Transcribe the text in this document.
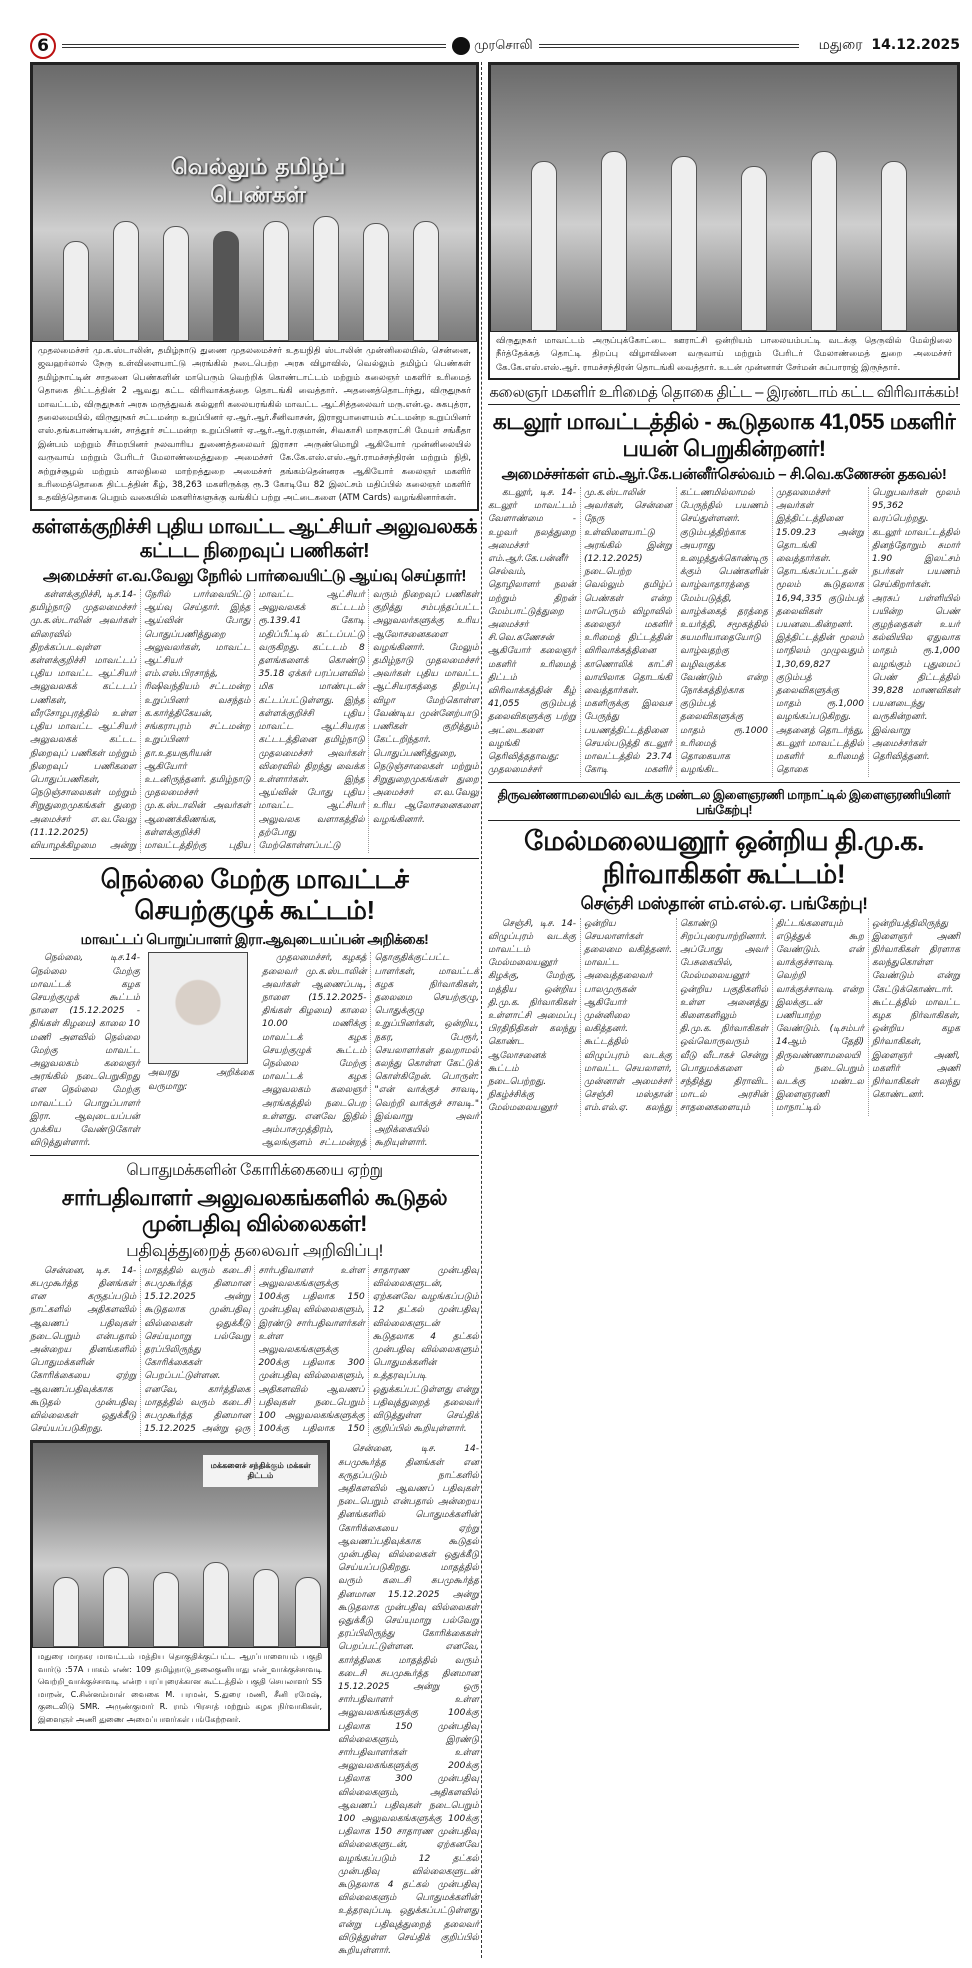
6	முரசொலி	மதுரை 14.12.2025
வெல்லும் தமிழ்ப் பெண்கள்
முதலமைச்சர் மு.க.ஸ்டாலின், தமிழ்நாடு துணை முதலமைச்சர் உதயநிதி ஸ்டாலின் முன்னிலையில், சென்னை, ஜவஹர்லால் நேரு உள்விளையாட்டு அரங்கில் நடைபெற்ற அரசு விழாவில், வெல்லும் தமிழ்ப் பெண்கள் தமிழ்நாட்டின் சாதனை பெண்களின் மாபெரும் வெற்றிக் கொண்டாட்டம் மற்றும் கலைஞர் மகளிர் உரிமைத் தொகை திட்டத்தின் 2 ஆவது கட்ட விரிவாக்கத்தை தொடங்கி வைத்தார். அதனைத்தொடர்ந்து, விருதுநகர் மாவட்டம், விருதுநகர் அரசு மருத்துவக் கல்லூரி கலையரங்கில் மாவட்ட ஆட்சித்தலைவர் மரு.என்.ஓ. சுகபுத்ரா, தலைமையில், விருதுநகர் சட்டமன்ற உறுப்பினர் ஏ.ஆர்.ஆர்.சீனிவாசன், இராஜபாளையம் சட்டமன்ற உறுப்பினர் எஸ்.தங்கபாண்டியன், சாத்தூர் சட்டமன்ற உறுப்பினர் ஏ.ஆர்.ஆர்.ரகுமான், சிவகாசி மாநகராட்சி மேயர் சங்கீதா இன்பம் மற்றும் சீர்மரபினர் நலவாரிய துணைத்தலைவர் இராசா அருண்மொழி ஆகியோர் முன்னிலையில் வருவாய் மற்றும் பேரிடர் மேலாண்மைத்துறை அமைச்சர் கே.கே.எஸ்.எஸ்.ஆர்.ராமச்சந்திரன் மற்றும் நிதி, சுற்றுச்சூழல் மற்றும் காலநிலை மாற்றத்துறை அமைச்சர் தங்கம்தென்னரசு ஆகியோர் கலைஞர் மகளிர் உரிமைத்தொகை திட்டத்தின் கீழ், 38,263 மகளிருக்கு ரூ.3 கோடியே 82 இலட்சம் மதிப்பில் கலைஞர் மகளிர் உதவித்தொகை பெறும் வகையில் மகளிர்களுக்கு வங்கிப் பற்று அட்டைகளை (ATM Cards) வழங்கினார்கள்.
கள்ளக்குறிச்சி புதிய மாவட்ட ஆட்சியர் அலுவலகக் கட்டட நிறைவுப் பணிகள்!
அமைச்சர் எ.வ.வேலு நேரில் பார்வையிட்டு ஆய்வு செய்தார்!

கள்ளக்குறிச்சி, டிச.14- தமிழ்நாடு முதலமைச்சர் மு.க.ஸ்டாலின் அவர்கள் விரைவில் திறக்கப்படவுள்ள கள்ளக்குறிச்சி மாவட்டப் புதிய மாவட்ட ஆட்சியர் அலுவலகக் கட்டடப் பணிகள், வீரசோழபுரத்தில் உள்ள புதிய மாவட்ட ஆட்சியர் அலுவலகக் கட்டட நிறைவுப் பணிகள் மற்றும் நிறைவுப் பணிகளை பொதுப்பணிகள், நெடுஞ்சாலைகள் மற்றும் சிறுதுறைமுகங்கள் துறை அமைச்சர் எ.வ.வேலு (11.12.2025) வியாழக்கிழமை அன்று நேரில் பார்வையிட்டு ஆய்வு செய்தார். இந்த ஆய்வின் போது பொதுப்பணித்துறை அலுவலர்கள், மாவட்ட ஆட்சியர் எம்.எஸ்.பிரசாந்த், ரிஷிவந்தியம் சட்டமன்ற உறுப்பினர் வசந்தம் க.கார்த்திகேயன், சங்கராபுரம் சட்டமன்ற உறுப்பினர் தா.உதயசூரியன் ஆகியோர் உடனிருந்தனர். தமிழ்நாடு முதலமைச்சர் மு.க.ஸ்டாலின் அவர்கள் ஆணைக்கிணங்க, கள்ளக்குறிச்சி மாவட்டத்திற்கு புதிய மாவட்ட ஆட்சியர் அலுவலகக் கட்டடம் ரூ.139.41 கோடி மதிப்பீட்டில் கட்டப்பட்டு வருகிறது. கட்டடம் 8 தளங்களைக் கொண்டு 35.18 ஏக்கர் பரப்பளவில் மிக மாண்புடன் கட்டப்பட்டுள்ளது. இந்த கள்ளக்குறிச்சி புதிய மாவட்ட ஆட்சியரக கட்டடத்தினை தமிழ்நாடு முதலமைச்சர் அவர்கள் விரைவில் திறந்து வைக்க உள்ளார்கள். இந்த ஆய்வின் போது புதிய மாவட்ட ஆட்சியர் அலுவலக வளாகத்தில் தற்போது மேற்கொள்ளப்பட்டு வரும் நிறைவுப் பணிகள் குறித்து சம்பந்தப்பட்ட அலுவலர்களுக்கு உரிய ஆலோசனைகளை வழங்கினார். மேலும் தமிழ்நாடு முதலமைச்சர் அவர்கள் புதிய மாவட்ட ஆட்சியரகத்தை திறப்பு விழா மேற்கொள்ள வேண்டிய முன்னேற்பாடு பணிகள் குறித்தும் கேட்டறிந்தார். பொதுப்பணித்துறை, நெடுஞ்சாலைகள் மற்றும் சிறுதுறைமுகங்கள் துறை அமைச்சர் எ.வ.வேலு உரிய ஆலோசனைகளை வழங்கினார்.

நெல்லை மேற்கு மாவட்டச் செயற்குழுக் கூட்டம்!
மாவட்டப் பொறுப்பாளர் இரா.ஆவுடையப்பன் அறிக்கை!

நெல்லை, டிச.14- நெல்லை மேற்கு மாவட்டக் கழக செயற்குழுக் கூட்டம் நாளை (15.12.2025 - திங்கள் கிழமை) காலை 10 மணி அளவில் நெல்லை மேற்கு மாவட்ட அலுவலகம் கலைஞர் அரங்கில் நடைபெறுகிறது என நெல்லை மேற்கு மாவட்டப் பொறுப்பாளர் இரா. ஆவுடையப்பன் முக்கிய வேண்டுகோள் விடுத்துள்ளார்.

அவரது அறிக்கை வருமாறு:

முதலமைச்சர், கழகத் தலைவர் மு.க.ஸ்டாலின் அவர்கள் ஆணைப்படி, நாளை (15.12.2025- திங்கள் கிழமை) காலை 10.00 மணிக்கு மாவட்டக் கழக செயற்குழுக் கூட்டம் நெல்லை மேற்கு மாவட்டக் கழக அலுவலகம் கலைஞர் அரங்கத்தில் நடைபெற உள்ளது. எனவே இதில் அம்பாசமுத்திரம், ஆலங்குளம் சட்டமன்றத் தொகுதிக்குட்பட்ட பாளர்கள், மாவட்டக் கழக நிர்வாகிகள், தலைமை செயற்குழு, பொதுக்குழு உறுப்பினர்கள், ஒன்றிய, நகர, பேரூர், செயலாளர்கள் தவறாமல் கலந்து கொள்ள கேட்டுக் கொள்கிறேன். பொருள்: "என் வாக்குச் சாவடி, வெற்றி வாக்குச் சாவடி." இவ்வாறு அவர் அறிக்கையில் கூறியுள்ளார்.

பொதுமக்களின் கோரிக்கையை ஏற்று
சார்பதிவாளர் அலுவலகங்களில் கூடுதல் முன்பதிவு வில்லைகள்!
பதிவுத்துறைத் தலைவர் அறிவிப்பு!

சென்னை, டிச. 14- சுபமுகூர்த்த தினங்கள் என கருதப்படும் நாட்களில் அதிகளவில் ஆவணப் பதிவுகள் நடைபெறும் என்பதால் அன்றைய தினங்களில் பொதுமக்களின் கோரிக்கையை ஏற்று ஆவணப்பதிவுக்காக கூடுதல் முன்பதிவு வில்லைகள் ஒதுக்கீடு செய்யப்படுகிறது. மாதத்தில் வரும் கடைசி சுபமுகூர்த்த தினமான 15.12.2025 அன்று கூடுதலாக முன்பதிவு வில்லைகள் ஒதுக்கீடு செய்யுமாறு பல்வேறு தரப்பிலிருந்து கோரிக்கைகள் பெறப்பட்டுள்ளன. எனவே, கார்த்திகை மாதத்தில் வரும் கடைசி சுபமுகூர்த்த தினமான 15.12.2025 அன்று ஒரு சார்பதிவாளர் உள்ள அலுவலகங்களுக்கு 100க்கு பதிலாக 150 முன்பதிவு வில்லைகளும், இரண்டு சார்பதிவாளர்கள் உள்ள அலுவலகங்களுக்கு 200க்கு பதிலாக 300 முன்பதிவு வில்லைகளும், அதிகளவில் ஆவணப் பதிவுகள் நடைபெறும் 100 அலுவலகங்களுக்கு 100க்கு பதிலாக 150 சாதாரண முன்பதிவு வில்லைகளுடன், ஏற்கனவே வழங்கப்படும் 12 தட்கல் முன்பதிவு வில்லைகளுடன் கூடுதலாக 4 தட்கல் முன்பதிவு வில்லைகளும் பொதுமக்களின் உத்தரவுப்படி ஒதுக்கப்பட்டுள்ளது என்று பதிவுத்துறைத் தலைவர் விடுத்துள்ள செய்திக் குறிப்பில் கூறியுள்ளார்.

மக்களைச் சந்திக்கும் மக்கள் திட்டம்
மதுரை மாநகர மாவட்டம் மத்திய தொகுதிக்குட்பட்ட ஆரப்பாளையம் பகுதி வார்டு :57A பாகம் எண்: 109 தமிழ்நாடு_தலைகுனியாது என்_வாக்குச்சாவடி வெற்றி_வாக்குச்சாவடி என்ற பரப்புரைக்கான கூட்டத்தில் பகுதி செயலாளர் SS மாறன், C.சின்னம்மாள் வைகை M. பரமன், S.துரை மணி, சீனி ரமேஷ், குடைலிடு SMR. அருண்குமார் R. ராம் பிரசாத் மற்றும் கழக நிர்வாகிகள், இளைஞர் அணி துணை அமைப்பாளர்கள் பங்கேற்றனர்.

சென்னை, டிச. 14- சுபமுகூர்த்த தினங்கள் என கருதப்படும் நாட்களில் அதிகளவில் ஆவணப் பதிவுகள் நடைபெறும் என்பதால் அன்றைய தினங்களில் பொதுமக்களின் கோரிக்கையை ஏற்று ஆவணப்பதிவுக்காக கூடுதல் முன்பதிவு வில்லைகள் ஒதுக்கீடு செய்யப்படுகிறது. மாதத்தில் வரும் கடைசி சுபமுகூர்த்த தினமான 15.12.2025 அன்று கூடுதலாக முன்பதிவு வில்லைகள் ஒதுக்கீடு செய்யுமாறு பல்வேறு தரப்பிலிருந்து கோரிக்கைகள் பெறப்பட்டுள்ளன. எனவே, கார்த்திகை மாதத்தில் வரும் கடைசி சுபமுகூர்த்த தினமான 15.12.2025 அன்று ஒரு சார்பதிவாளர் உள்ள அலுவலகங்களுக்கு 100க்கு பதிலாக 150 முன்பதிவு வில்லைகளும், இரண்டு சார்பதிவாளர்கள் உள்ள அலுவலகங்களுக்கு 200க்கு பதிலாக 300 முன்பதிவு வில்லைகளும், அதிகளவில் ஆவணப் பதிவுகள் நடைபெறும் 100 அலுவலகங்களுக்கு 100க்கு பதிலாக 150 சாதாரண முன்பதிவு வில்லைகளுடன், ஏற்கனவே வழங்கப்படும் 12 தட்கல் முன்பதிவு வில்லைகளுடன் கூடுதலாக 4 தட்கல் முன்பதிவு வில்லைகளும் பொதுமக்களின் உத்தரவுப்படி ஒதுக்கப்பட்டுள்ளது என்று பதிவுத்துறைத் தலைவர் விடுத்துள்ள செய்திக் குறிப்பில் கூறியுள்ளார்.

விருதுநகர் மாவட்டம் அருப்புக்கோட்டை ஊராட்சி ஒன்றியம் பாலையம்பட்டி வடக்கு தெருவில் மேல்நிலை நீர்த்தேக்கத் தொட்டி திறப்பு விழாவினை வருவாய் மற்றும் பேரிடர் மேலாண்மைத் துறை அமைச்சர் கே.கே.எஸ்.எஸ்.ஆர். ராமச்சந்திரன் தொடங்கி வைத்தார். உடன் முன்னாள் சேர்மன் சுப்பாராஜ் இருந்தார்.
கலைஞர் மகளிர் உரிமைத் தொகை திட்ட – இரண்டாம் கட்ட விரிவாக்கம்!
கடலூர் மாவட்டத்தில் - கூடுதலாக 41,055 மகளிர் பயன் பெறுகின்றனர்!
அமைச்சர்கள் எம்.ஆர்.கே.பன்னீர்செல்வம் – சி.வெ.கணேசன் தகவல்!

கடலூர், டிச. 14- கடலூர் மாவட்டம் வேளாண்மை - உழவர் நலத்துறை அமைச்சர் எம்.ஆர்.கே.பன்னீர்செல்வம், தொழிலாளர் நலன் மற்றும் திறன் மேம்பாட்டுத்துறை அமைச்சர் சி.வெ.கணேசன் ஆகியோர் கலைஞர் மகளிர் உரிமைத் திட்டம் விரிவாக்கத்தின் கீழ் 41,055 குடும்பத் தலைவிகளுக்கு பற்று அட்டைகளை வழங்கி தெரிவித்ததாவது: முதலமைச்சர் மு.க.ஸ்டாலின் அவர்கள், சென்னை நேரு உள்விளையாட்டு அரங்கில் இன்று (12.12.2025) நடைபெற்ற வெல்லும் தமிழ்ப் பெண்கள் என்ற மாபெரும் விழாவில் கலைஞர் மகளிர் உரிமைத் திட்டத்தின் விரிவாக்கத்தினை காணொலிக் காட்சி வாயிலாக தொடங்கி வைத்தார்கள். மகளிருக்கு இலவச பேருந்து பயணத்திட்டத்தினை செயல்படுத்தி கடலூர் மாவட்டத்தில் 23.74 கோடி மகளிர் கட்டணமில்லாமல் பேருந்தில் பயணம் செய்துள்ளனர். குடும்பத்திற்காக அயராது உழைத்துக்கொண்டிருக்கும் பெண்களின் வாழ்வாதாரத்தை மேம்படுத்தி, வாழ்க்கைத் தரத்தை உயர்த்தி, சமூகத்தில் சுயமரியாதையோடு வாழ்வதற்கு வழிவகுக்க வேண்டும் என்ற நோக்கத்திற்காக குடும்பத் தலைவிகளுக்கு மாதம் ரூ.1000 உரிமைத் தொகையாக வழங்கிட முதலமைச்சர் அவர்கள் இத்திட்டத்தினை 15.09.23 அன்று தொடங்கி வைத்தார்கள். தொடங்கப்பட்டதன் மூலம் கூடுதலாக 16,94,335 குடும்பத் தலைவிகள் பயனடைகின்றனர். இத்திட்டத்தின் மூலம் மாநிலம் முழுவதும் 1,30,69,827 குடும்பத் தலைவிகளுக்கு மாதம் ரூ.1,000 வழங்கப்படுகிறது. அதனைத் தொடர்ந்து, கடலூர் மாவட்டத்தில் மகளிர் உரிமைத் தொகை பெறுபவர்கள் மூலம் 95,362 வரப்பெற்றது. கடலூர் மாவட்டத்தில் தினந்தோறும் சுமார் 1.90 இலட்சம் நபர்கள் பயணம் செய்கிறார்கள். அரசுப் பள்ளியில் பயின்ற பெண் குழந்தைகள் உயர் கல்வியில ஏதுவாக மாதம் ரூ.1,000 வழங்கும் புதுமைப் பெண் திட்டத்தில் 39,828 மாணவிகள் பயனடைந்து வருகின்றனர். இவ்வாறு அமைச்சர்கள் தெரிவித்தனர்.

திருவண்ணாமலையில் வடக்கு மண்டல இளைஞரணி மாநாட்டில் இளைஞரணியினர் பங்கேற்பு!
மேல்மலையனூர் ஒன்றிய தி.மு.க. நிர்வாகிகள் கூட்டம்!
செஞ்சி மஸ்தான் எம்.எல்.ஏ. பங்கேற்பு!

செஞ்சி, டிச. 14- விழுப்புரம் வடக்கு மாவட்டம் மேல்மலையனூர் கிழக்கு, மேற்கு, மத்திய ஒன்றிய தி.மு.க. நிர்வாகிகள் உள்ளாட்சி அமைப்பு பிரதிநிதிகள் கலந்து கொண்ட ஆலோசனைக் கூட்டம் நடைபெற்றது. நிகழ்ச்சிக்கு மேல்மலையனூர் ஒன்றிய செயலாளர்கள் தலைமை வகித்தனர். மாவட்ட அவைத்தலைவர் பாலமுருகன் ஆகியோர் முன்னிலை வகித்தனர். கூட்டத்தில் விழுப்புரம் வடக்கு மாவட்ட செயலாளர், முன்னாள் அமைச்சர் செஞ்சி மஸ்தான் எம்.எல்.ஏ. கலந்து கொண்டு சிறப்புரையாற்றினார். அப்போது அவர் பேசுகையில், மேல்மலையனூர் ஒன்றிய பகுதிகளில் உள்ள அனைத்து கிளைகளிலும் தி.மு.க. நிர்வாகிகள் ஒவ்வொருவரும் வீடு வீடாகச் சென்று பொதுமக்களை சந்தித்து திராவிட மாடல் அரசின் சாதனைகளையும் திட்டங்களையும் எடுத்துக் கூற வேண்டும். என் வாக்குச்சாவடி வெற்றி வாக்குச்சாவடி என்ற இலக்குடன் பணியாற்ற வேண்டும். (டிசம்பர் 14ஆம் தேதி) திருவண்ணாமலையில் நடைபெறும் வடக்கு மண்டல இளைஞரணி மாநாட்டில் ஒன்றியத்திலிருந்து இளைஞர் அணி நிர்வாகிகள் திரளாக கலந்துகொள்ள வேண்டும் என்று கேட்டுக்கொண்டார். கூட்டத்தில் மாவட்ட கழக நிர்வாகிகள், ஒன்றிய கழக நிர்வாகிகள், இளைஞர் அணி, மகளிர் அணி நிர்வாகிகள் கலந்து கொண்டனர்.
